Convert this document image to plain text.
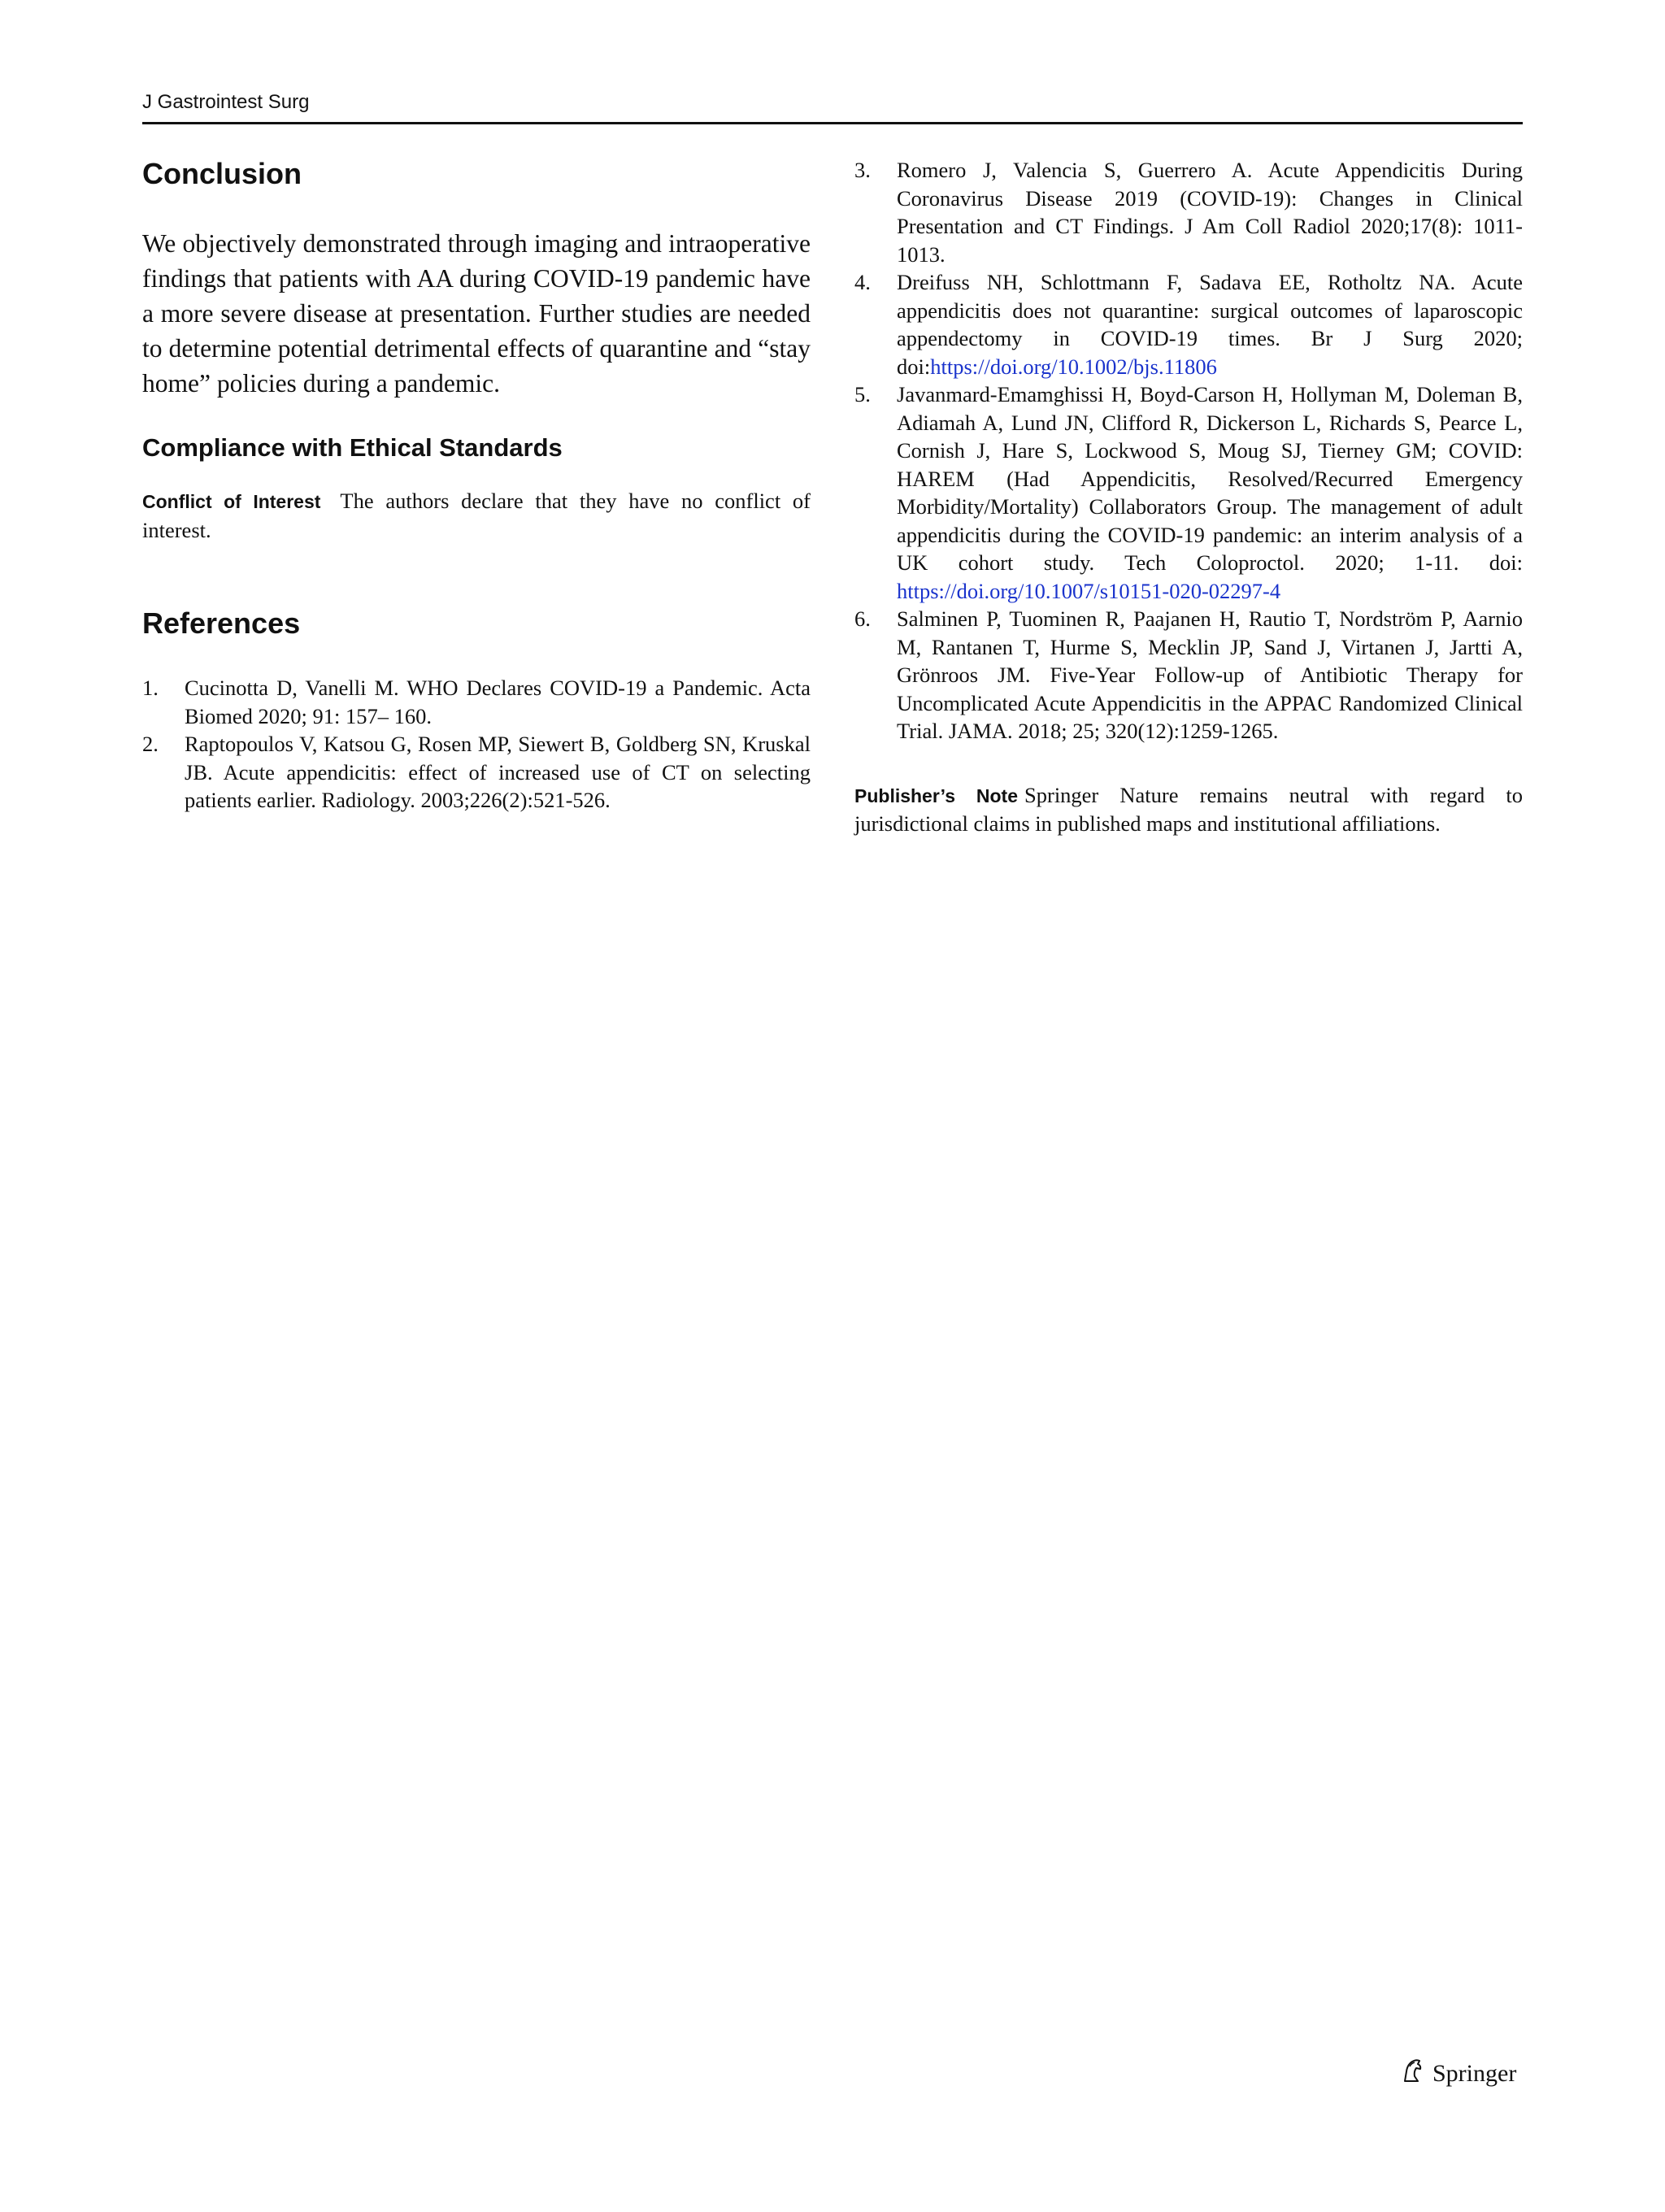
J Gastrointest Surg
Conclusion

We objectively demonstrated through imaging and intraoperative findings that patients with AA during COVID-19 pandemic have a more severe disease at presentation. Further studies are needed to determine potential detrimental effects of quarantine and “stay home” policies during a pandemic.

Compliance with Ethical Standards

Conflict of Interest The authors declare that they have no conflict of interest.

References
1. Cucinotta D, Vanelli M. WHO Declares COVID-19 a Pandemic. Acta Biomed 2020; 91: 157– 160.
2. Raptopoulos V, Katsou G, Rosen MP, Siewert B, Goldberg SN, Kruskal JB. Acute appendicitis: effect of increased use of CT on selecting patients earlier. Radiology. 2003;226(2):521-526.
3. Romero J, Valencia S, Guerrero A. Acute Appendicitis During Coronavirus Disease 2019 (COVID-19): Changes in Clinical Presentation and CT Findings. J Am Coll Radiol 2020;17(8): 1011-1013.
4. Dreifuss NH, Schlottmann F, Sadava EE, Rotholtz NA. Acute appendicitis does not quarantine: surgical outcomes of laparoscopic appendectomy in COVID-19 times. Br J Surg 2020; doi:https://doi.org/10.1002/bjs.11806
5. Javanmard-Emamghissi H, Boyd-Carson H, Hollyman M, Doleman B, Adiamah A, Lund JN, Clifford R, Dickerson L, Richards S, Pearce L, Cornish J, Hare S, Lockwood S, Moug SJ, Tierney GM; COVID: HAREM (Had Appendicitis, Resolved/Recurred Emergency Morbidity/Mortality) Collaborators Group. The management of adult appendicitis during the COVID-19 pandemic: an interim analysis of a UK cohort study. Tech Coloproctol. 2020; 1-11. doi: https://doi.org/10.1007/s10151-020-02297-4
6. Salminen P, Tuominen R, Paajanen H, Rautio T, Nordström P, Aarnio M, Rantanen T, Hurme S, Mecklin JP, Sand J, Virtanen J, Jartti A, Grönroos JM. Five-Year Follow-up of Antibiotic Therapy for Uncomplicated Acute Appendicitis in the APPAC Randomized Clinical Trial. JAMA. 2018; 25; 320(12):1259-1265.

Publisher’s Note Springer Nature remains neutral with regard to jurisdictional claims in published maps and institutional affiliations.

Springer
